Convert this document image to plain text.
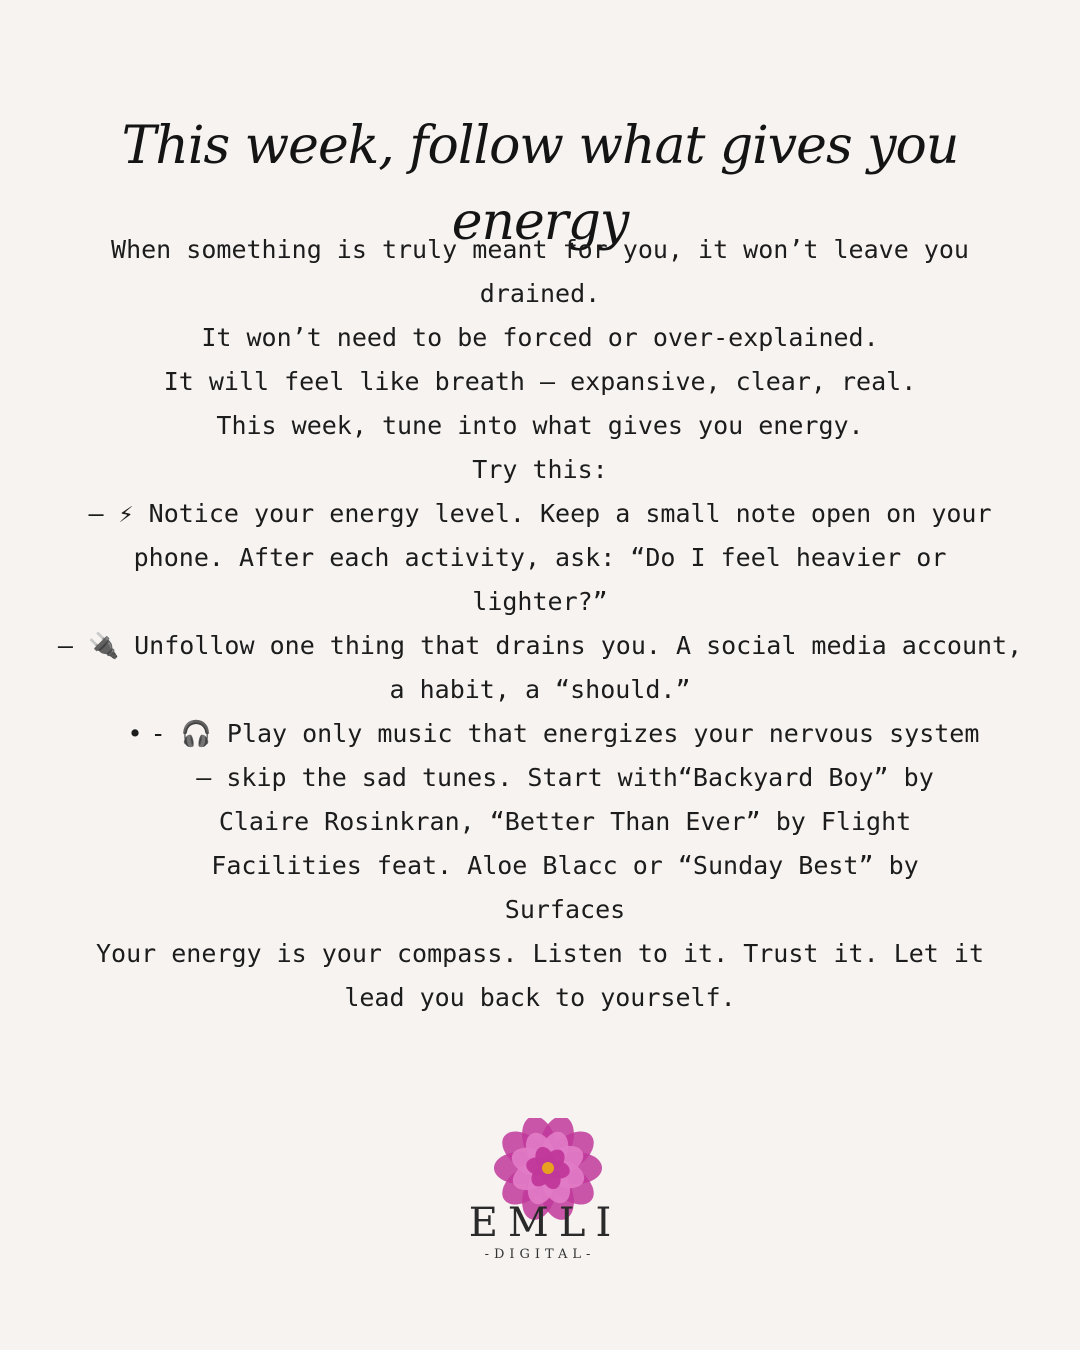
This week, follow what gives you energy
When something is truly meant for you, it won’t leave you drained.
It won’t need to be forced or over-explained.
It will feel like breath — expansive, clear, real.
This week, tune into what gives you energy.
Try this:
– ⚡ Notice your energy level. Keep a small note open on your phone. After each activity, ask: “Do I feel heavier or lighter?”
– 🔌 Unfollow one thing that drains you. A social media account, a habit, a “should.”
• - 🎧 Play only music that energizes your nervous system — skip the sad tunes. Start with“Backyard Boy” by Claire Rosinkran, “Better Than Ever” by Flight Facilities feat. Aloe Blacc or “Sunday Best” by Surfaces
Your energy is your compass. Listen to it. Trust it. Let it lead you back to yourself.
EMLI
-DIGITAL-
